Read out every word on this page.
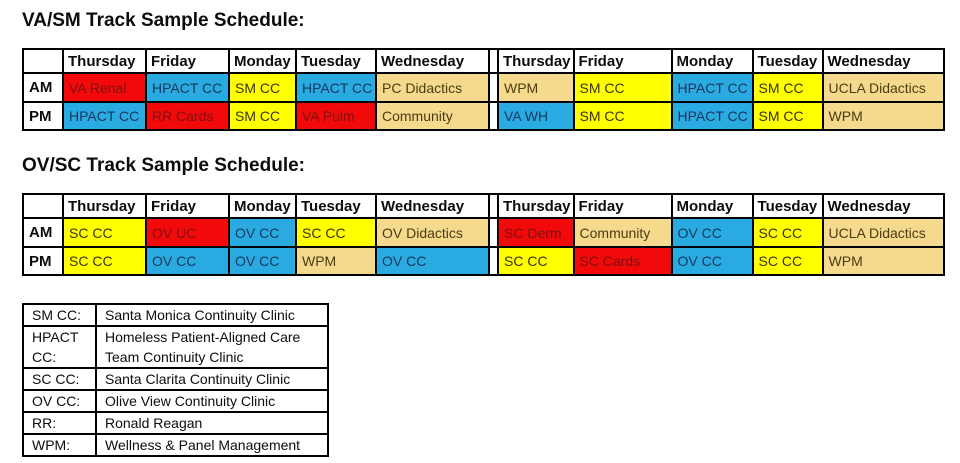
VA/SM Track Sample Schedule:
	Thursday	Friday	Monday	Tuesday	Wednesday		Thursday	Friday	Monday	Tuesday	Wednesday
AM	VA Renal	HPACT CC	SM CC	HPACT CC	PC Didactics		WPM	SM CC	HPACT CC	SM CC	UCLA Didactics
PM	HPACT CC	RR Cards	SM CC	VA Pulm	Community		VA WH	SM CC	HPACT CC	SM CC	WPM
OV/SC Track Sample Schedule:
	Thursday	Friday	Monday	Tuesday	Wednesday		Thursday	Friday	Monday	Tuesday	Wednesday
AM	SC CC	OV UC	OV CC	SC CC	OV Didactics		SC Derm	Community	OV CC	SC CC	UCLA Didactics
PM	SC CC	OV CC	OV CC	WPM	OV CC		SC CC	SC Cards	OV CC	SC CC	WPM
SM CC:	Santa Monica Continuity Clinic
HPACT CC:	Homeless Patient-Aligned Care Team Continuity Clinic
SC CC:	Santa Clarita Continuity Clinic
OV CC:	Olive View Continuity Clinic
RR:	Ronald Reagan
WPM:	Wellness & Panel Management
